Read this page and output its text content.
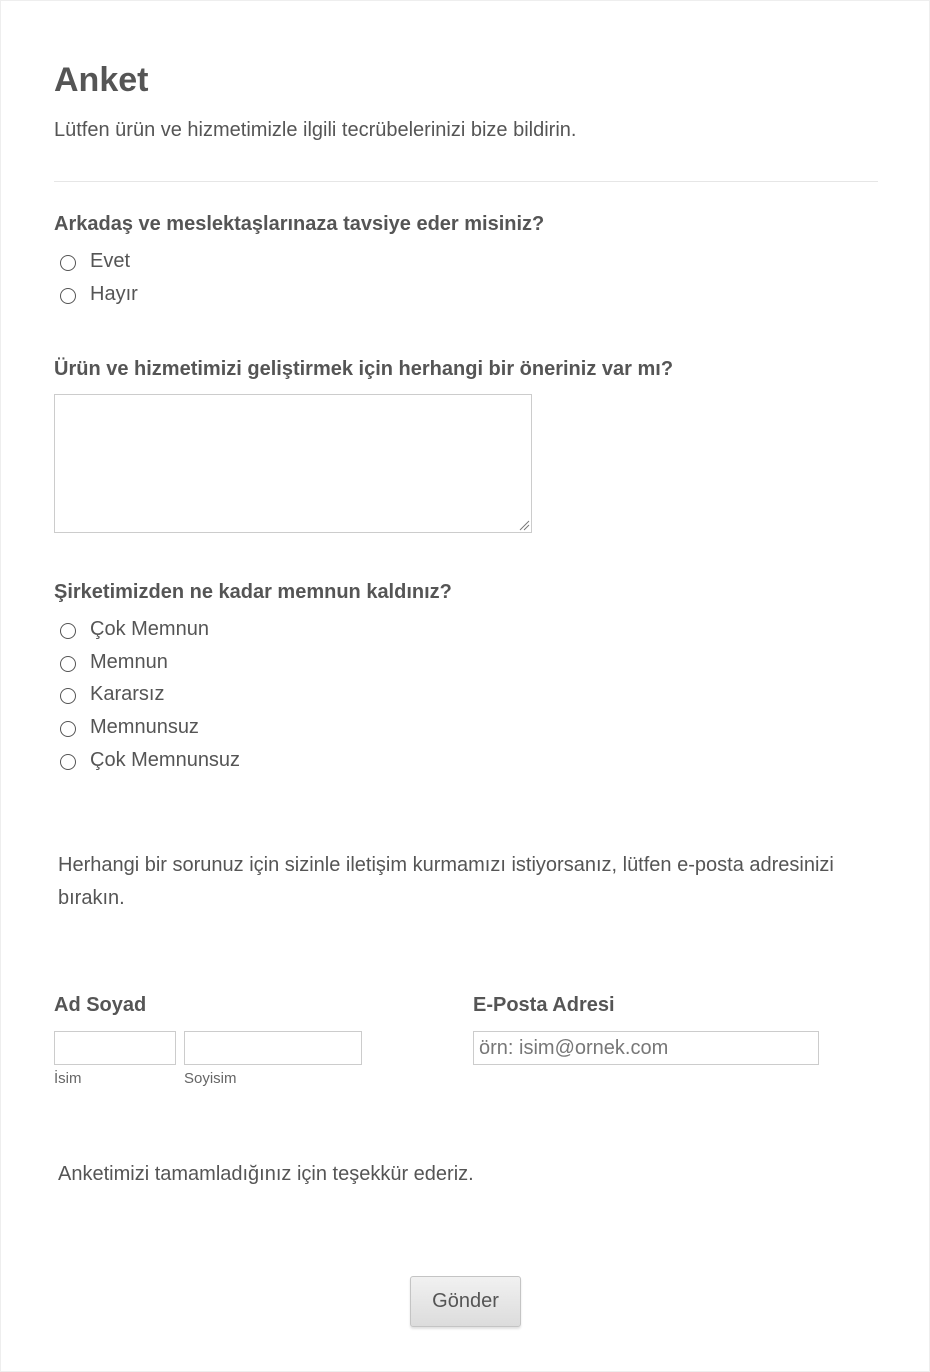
Anket
Lütfen ürün ve hizmetimizle ilgili tecrübelerinizi bize bildirin.
Arkadaş ve meslektaşlarınaza tavsiye eder misiniz?
Evet
Hayır
Ürün ve hizmetimizi geliştirmek için herhangi bir öneriniz var mı?
Şirketimizden ne kadar memnun kaldınız?
Çok Memnun
Memnun
Kararsız
Memnunsuz
Çok Memnunsuz
Herhangi bir sorunuz için sizinle iletişim kurmamızı istiyorsanız, lütfen e-posta adresinizi bırakın.
Ad Soyad
İsim	Soyisim
E-Posta Adresi
örn: isim@ornek.com
Anketimizi tamamladığınız için teşekkür ederiz.
Gönder
